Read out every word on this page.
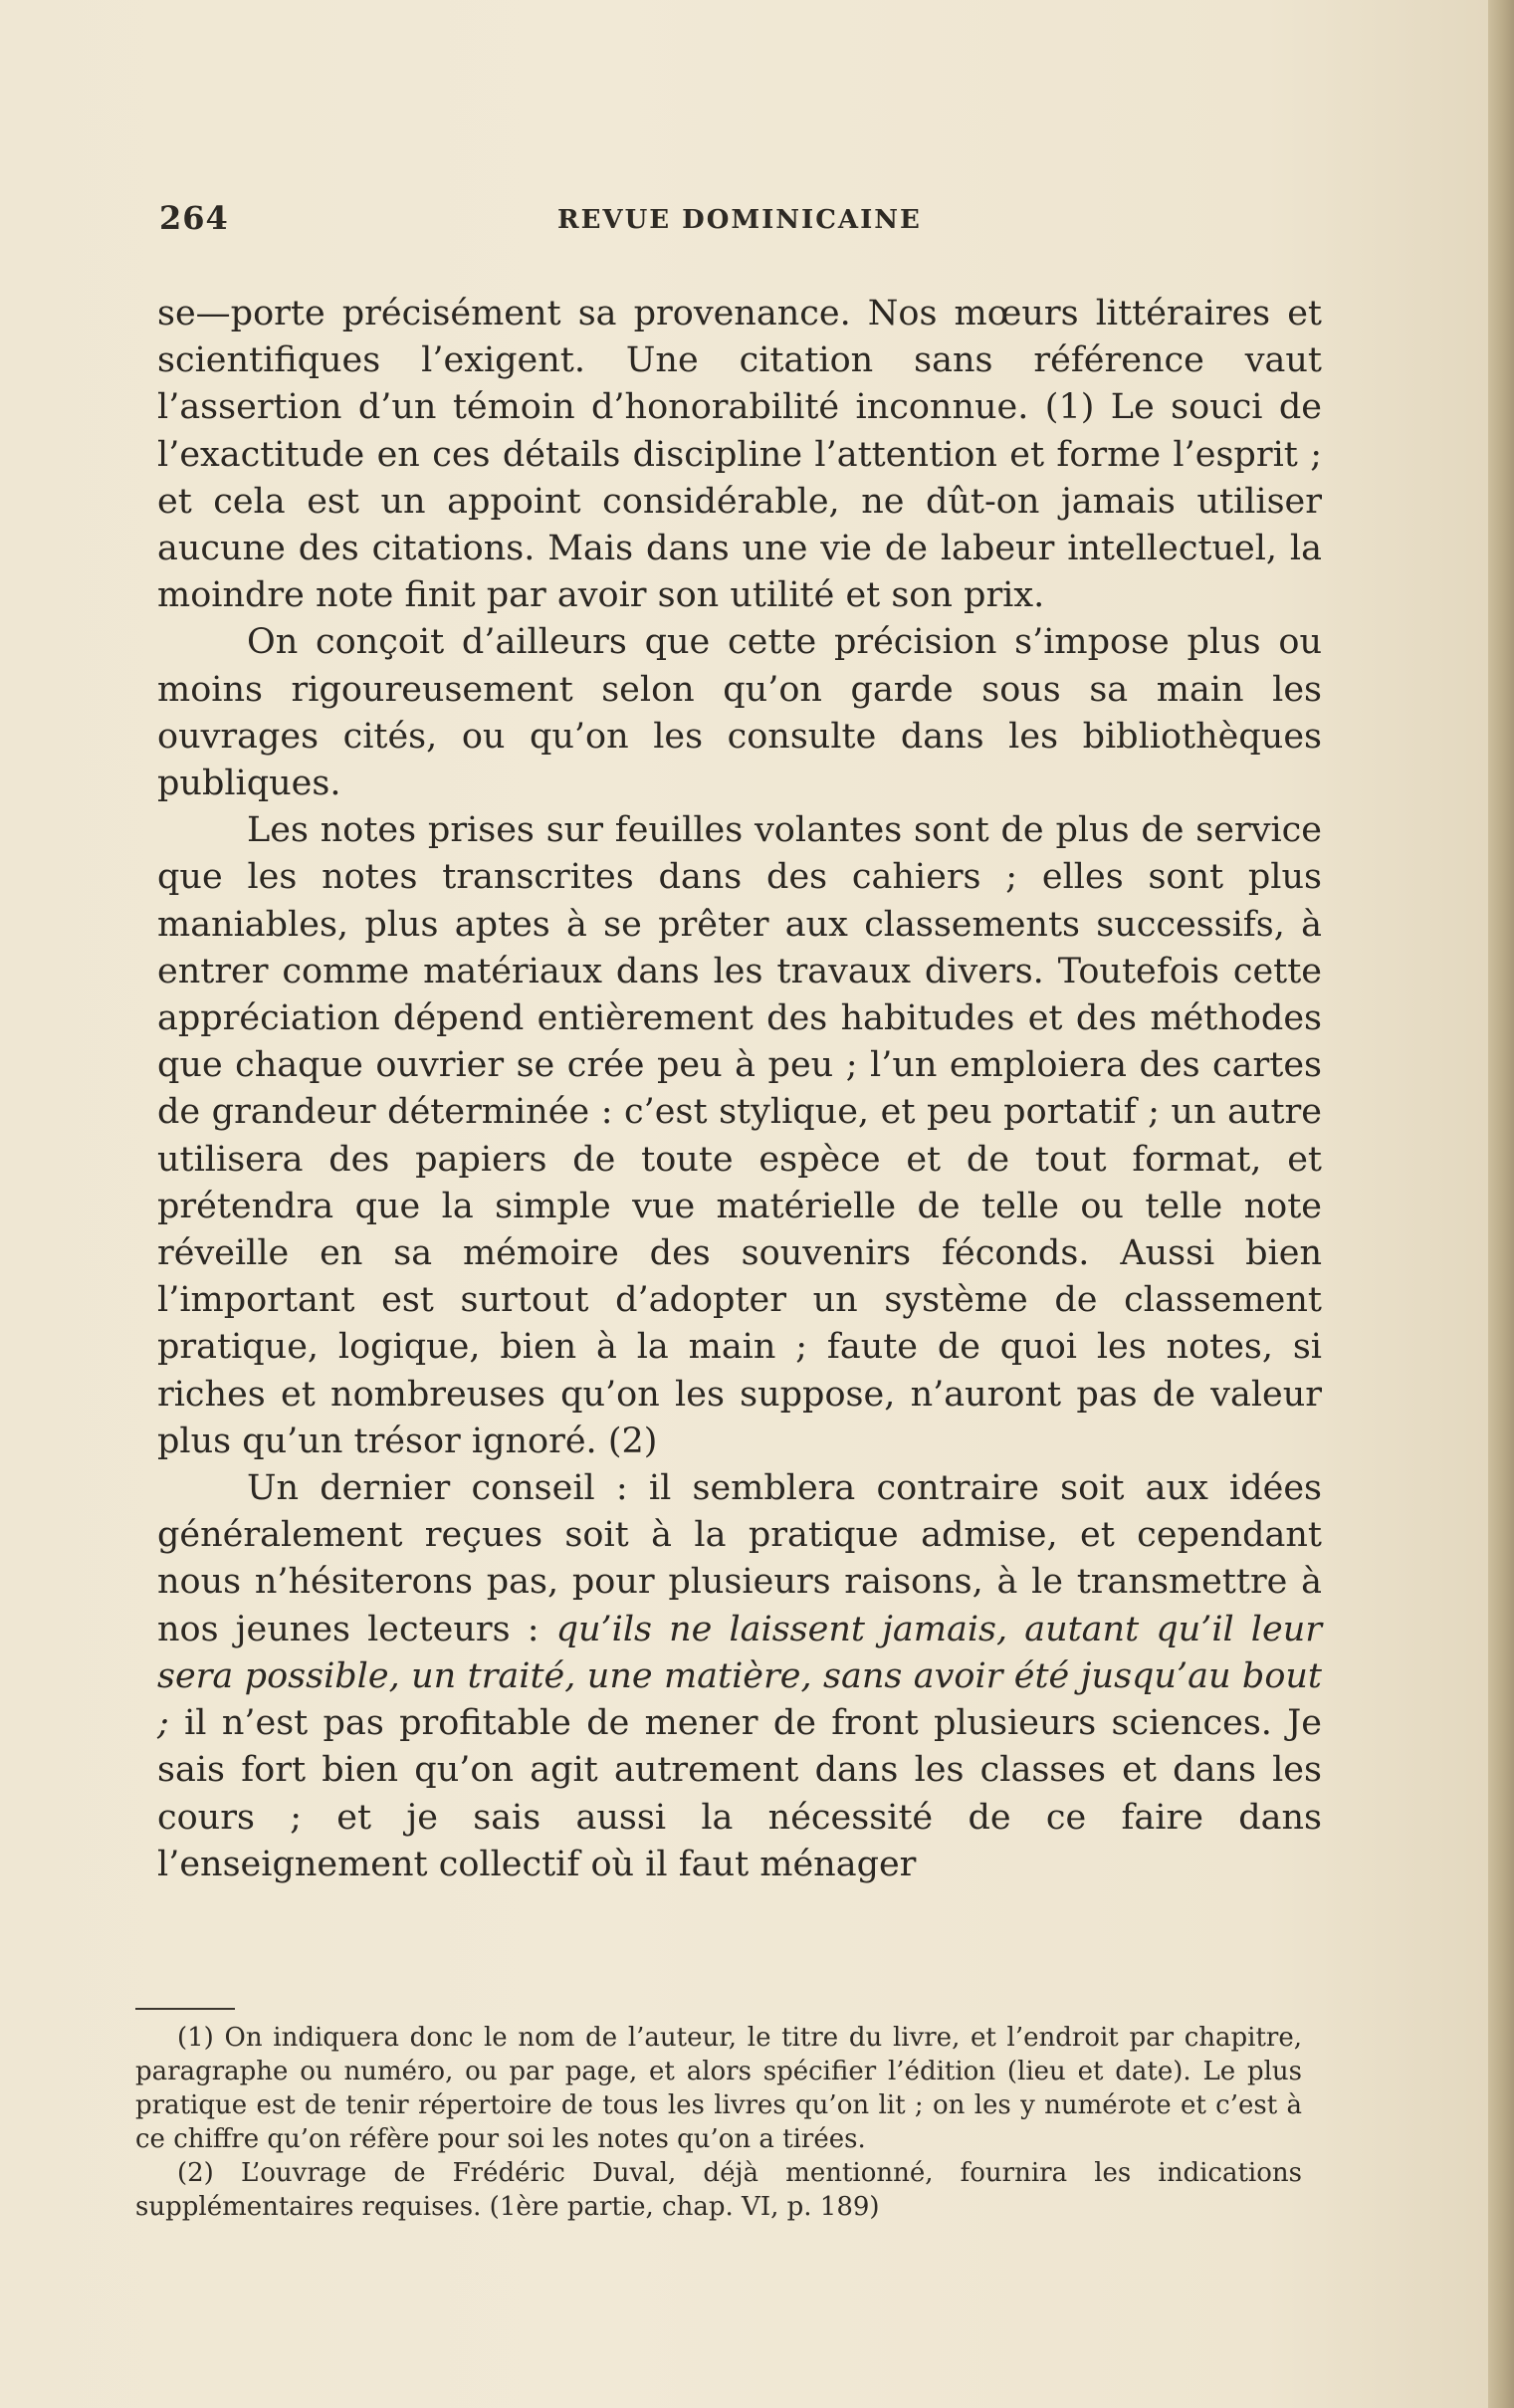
264	REVUE DOMINICAINE

se—porte précisément sa provenance. Nos mœurs littéraires et scientifiques l’exigent. Une citation sans référence vaut l’assertion d’un témoin d’honorabilité inconnue. (1) Le souci de l’exactitude en ces détails discipline l’attention et forme l’esprit ; et cela est un appoint considérable, ne dût-on jamais utiliser aucune des citations. Mais dans une vie de labeur intellectuel, la moindre note finit par avoir son utilité et son prix.

On conçoit d’ailleurs que cette précision s’impose plus ou moins rigoureusement selon qu’on garde sous sa main les ouvrages cités, ou qu’on les consulte dans les bibliothèques publiques.

Les notes prises sur feuilles volantes sont de plus de service que les notes transcrites dans des cahiers ; elles sont plus maniables, plus aptes à se prêter aux classements successifs, à entrer comme matériaux dans les travaux divers. Toutefois cette appréciation dépend entièrement des habitudes et des méthodes que chaque ouvrier se crée peu à peu ; l’un emploiera des cartes de grandeur déterminée : c’est stylique, et peu portatif ; un autre utilisera des papiers de toute espèce et de tout format, et prétendra que la simple vue matérielle de telle ou telle note réveille en sa mémoire des souvenirs féconds. Aussi bien l’important est surtout d’adopter un système de classement pratique, logique, bien à la main ; faute de quoi les notes, si riches et nombreuses qu’on les suppose, n’auront pas de valeur plus qu’un trésor ignoré. (2)

Un dernier conseil : il semblera contraire soit aux idées généralement reçues soit à la pratique admise, et cependant nous n’hésiterons pas, pour plusieurs raisons, à le transmettre à nos jeunes lecteurs : qu’ils ne laissent jamais, autant qu’il leur sera possible, un traité, une matière, sans avoir été jusqu’au bout ; il n’est pas profitable de mener de front plusieurs sciences. Je sais fort bien qu’on agit autrement dans les classes et dans les cours ; et je sais aussi la nécessité de ce faire dans l’enseignement collectif où il faut ménager

(1) On indiquera donc le nom de l’auteur, le titre du livre, et l’endroit par chapitre, paragraphe ou numéro, ou par page, et alors spécifier l’édition (lieu et date). Le plus pratique est de tenir répertoire de tous les livres qu’on lit ; on les y numérote et c’est à ce chiffre qu’on réfère pour soi les notes qu’on a tirées.

(2) L’ouvrage de Frédéric Duval, déjà mentionné, fournira les indications supplémentaires requises. (1ère partie, chap. VI, p. 189)
